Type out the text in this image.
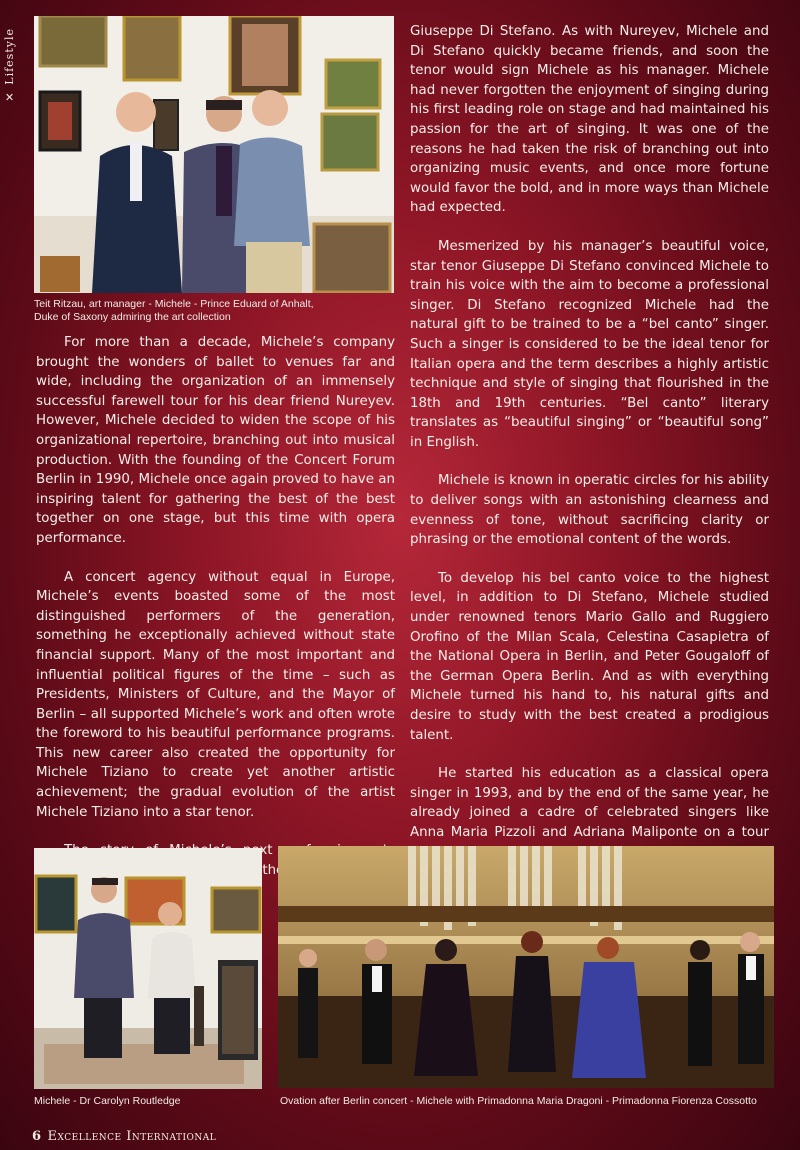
✕ Lifestyle
Teit Ritzau, art manager - Michele - Prince Eduard of Anhalt,
Duke of Saxony admiring the art collection

For more than a decade, Michele’s company brought the wonders of ballet to venues far and wide, including the organization of an immensely successful farewell tour for his dear friend Nureyev. However, Michele decided to widen the scope of his organizational repertoire, branching out into musical production. With the founding of the Concert Forum Berlin in 1990, Michele once again proved to have an inspiring talent for gathering the best of the best together on one stage, but this time with opera performance.

A concert agency without equal in Europe, Michele’s events boasted some of the most distinguished performers of the generation, something he exceptionally achieved without state financial support. Many of the most important and influential political figures of the time – such as Presidents, Ministers of Culture, and the Mayor of Berlin – all supported Michele’s work and often wrote the foreword to his beautiful performance programs. This new career also created the opportunity for Michele Tiziano to create yet another artistic achievement; the gradual evolution of the artist Michele Tiziano into a star tenor.

the

Giuseppe Di Stefano. As with Nureyev, Michele and Di Stefano quickly became friends, and soon the tenor would sign Michele as his manager. Michele had never forgotten the enjoyment of singing during his first leading role on stage and had maintained his passion for the art of singing. It was one of the reasons he had taken the risk of branching out into organizing music events, and once more fortune would favor the bold, and in more ways than Michele had expected.

Mesmerized by his manager’s beautiful voice, star tenor Giuseppe Di Stefano convinced Michele to train his voice with the aim to become a professional singer. Di Stefano recognized Michele had the natural gift to be trained to be a “bel canto” singer. Such a singer is considered to be the ideal tenor for Italian opera and the term describes a highly artistic technique and style of singing that flourished in the 18th and 19th centuries. “Bel canto” literary translates as “beautiful singing” or “beautiful song” in English.

Michele is known in operatic circles for his ability to deliver songs with an astonishing clearness and evenness of tone, without sacrificing clarity or phrasing or the emotional content of the words.

To develop his bel canto voice to the highest level, in addition to Di Stefano, Michele studied under renowned tenors Mario Gallo and Ruggiero Orofino of the Milan Scala, Celestina Casapietra of the National Opera in Berlin, and Peter Gougaloff of the German Opera Berlin. And as with everything Michele turned his hand to, his natural gifts and desire to study with the best created a prodigious talent.

He started his education as a classical opera singer in 1993, and by the end of the same year, he already joined a cadre of celebrated singers like Anna Maria Pizzoli and Adriana Maliponte on a tour

Michele - Dr Carolyn Routledge	Ovation after Berlin concert - Michele with Primadonna Maria Dragoni - Primadonna Fiorenza Cossotto
6 Excellence International
